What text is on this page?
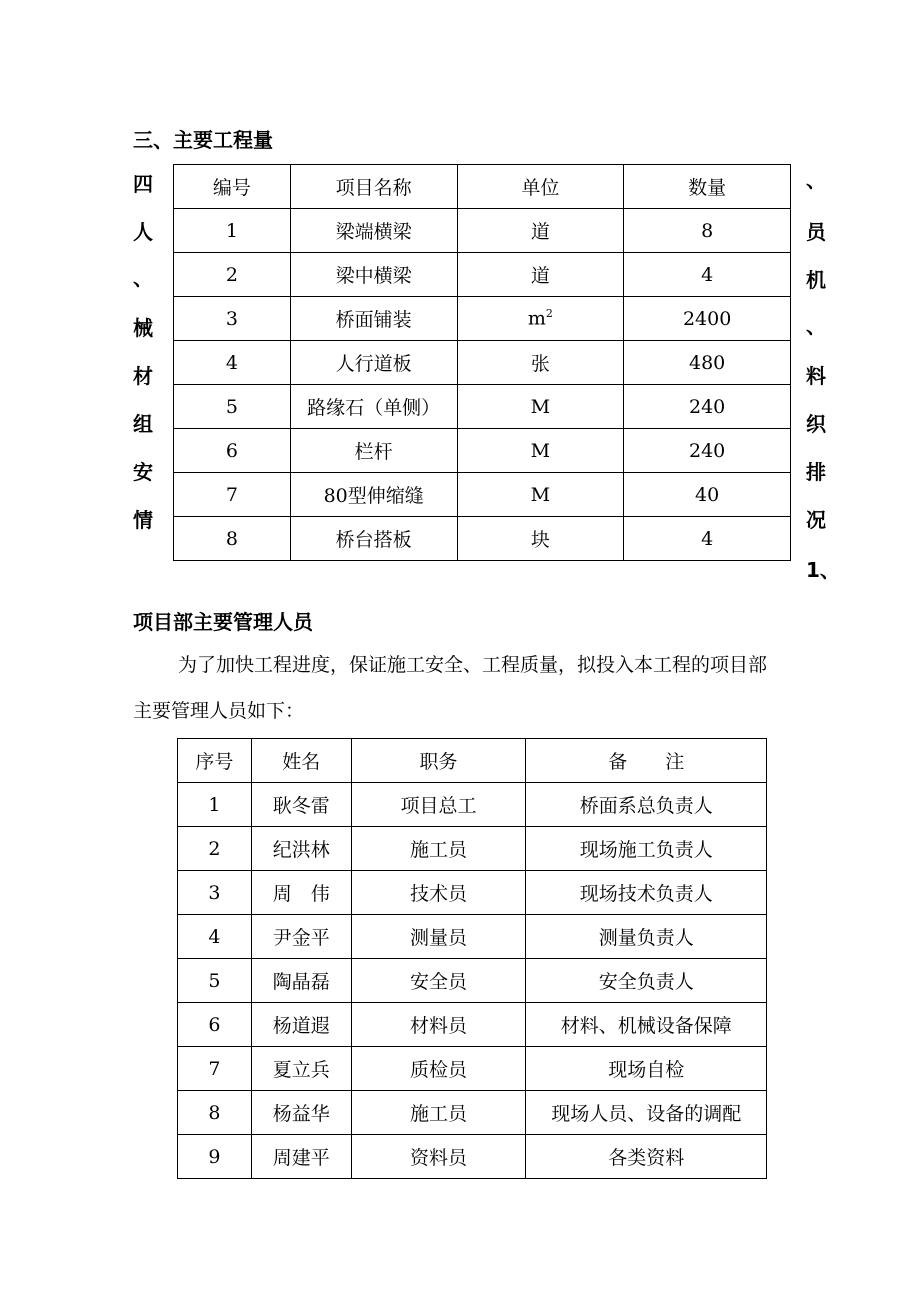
三、主要工程量
四
人
、
械
材
组
安
情
、
员
机
、
料
织
排
况
1、
编号	项目名称	单位	数量
1	梁端横梁	道	8
2	梁中横梁	道	4
3	桥面铺装	$m^2$	2400
4	人行道板	张	480
5	路缘石（单侧）	M	240
6	栏杆	M	240
7	80型伸缩缝	M	40
8	桥台搭板	块	4
项目部主要管理人员
为了加快工程进度，保证施工安全、工程质量，拟投入本工程的项目部
主要管理人员如下：
序号	姓名	职务	备　　注
1	耿冬雷	项目总工	桥面系总负责人
2	纪洪林	施工员	现场施工负责人
3	周　伟	技术员	现场技术负责人
4	尹金平	测量员	测量负责人
5	陶晶磊	安全员	安全负责人
6	杨道遐	材料员	材料、机械设备保障
7	夏立兵	质检员	现场自检
8	杨益华	施工员	现场人员、设备的调配
9	周建平	资料员	各类资料
